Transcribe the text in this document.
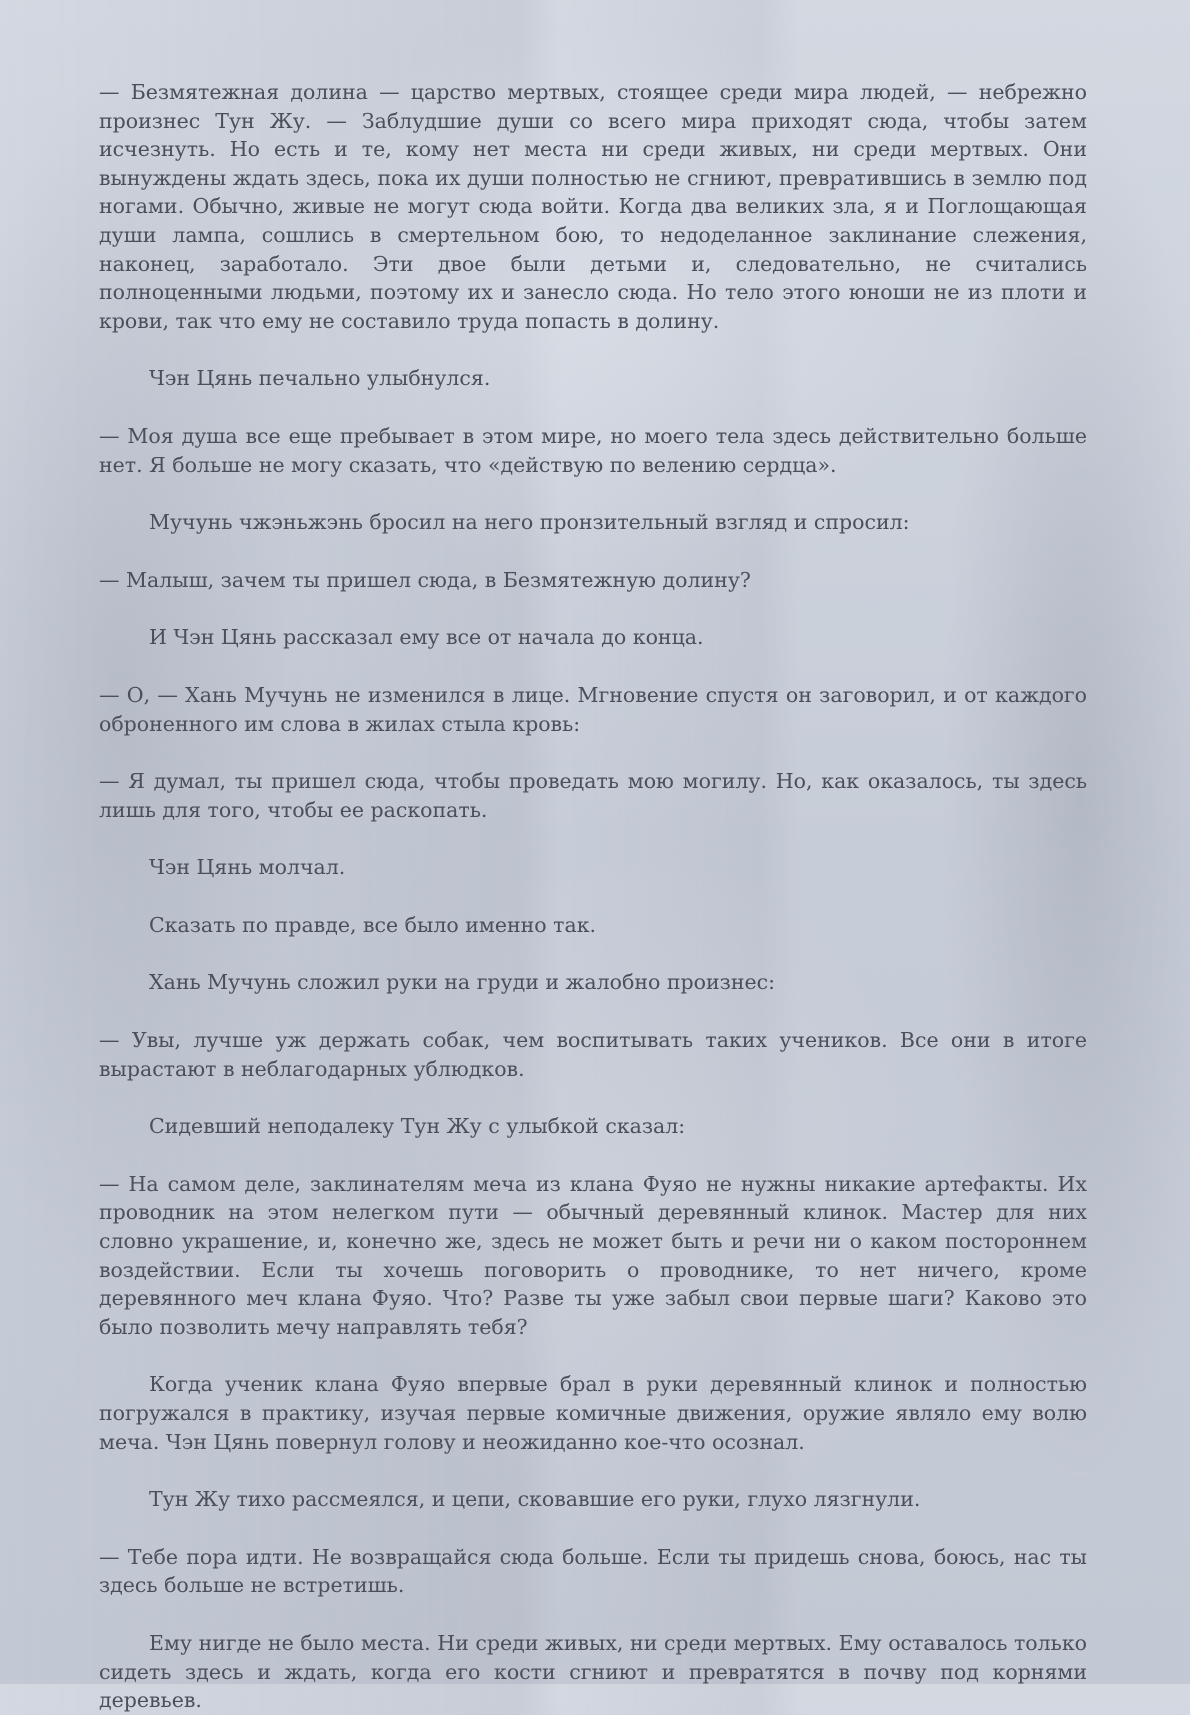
— Безмятежная долина — царство мертвых, стоящее среди мира людей, — небрежно произнес Тун Жу. — Заблудшие души со всего мира приходят сюда, чтобы затем исчезнуть. Но есть и те, кому нет места ни среди живых, ни среди мертвых. Они вынуждены ждать здесь, пока их души полностью не сгниют, превратившись в землю под ногами. Обычно, живые не могут сюда войти. Когда два великих зла, я и Поглощающая души лампа, сошлись в смертельном бою, то недоделанное заклинание слежения, наконец, заработало. Эти двое были детьми и, следовательно, не считались полноценными людьми, поэтому их и занесло сюда. Но тело этого юноши не из плоти и крови, так что ему не составило труда попасть в долину.

Чэн Цянь печально улыбнулся.

— Моя душа все еще пребывает в этом мире, но моего тела здесь действительно больше нет. Я больше не могу сказать, что «действую по велению сердца».

Мучунь чжэньжэнь бросил на него пронзительный взгляд и спросил:

— Малыш, зачем ты пришел сюда, в Безмятежную долину?

И Чэн Цянь рассказал ему все от начала до конца.

— О, — Хань Мучунь не изменился в лице. Мгновение спустя он заговорил, и от каждого оброненного им слова в жилах стыла кровь:

— Я думал, ты пришел сюда, чтобы проведать мою могилу. Но, как оказалось, ты здесь лишь для того, чтобы ее раскопать.

Чэн Цянь молчал.

Сказать по правде, все было именно так.

Хань Мучунь сложил руки на груди и жалобно произнес:

— Увы, лучше уж держать собак, чем воспитывать таких учеников. Все они в итоге вырастают в неблагодарных ублюдков.

Сидевший неподалеку Тун Жу с улыбкой сказал:

— На самом деле, заклинателям меча из клана Фуяо не нужны никакие артефакты. Их проводник на этом нелегком пути — обычный деревянный клинок. Мастер для них словно украшение, и, конечно же, здесь не может быть и речи ни о каком постороннем воздействии. Если ты хочешь поговорить о проводнике, то нет ничего, кроме деревянного меч клана Фуяо. Что? Разве ты уже забыл свои первые шаги? Каково это было позволить мечу направлять тебя?

Когда ученик клана Фуяо впервые брал в руки деревянный клинок и полностью погружался в практику, изучая первые комичные движения, оружие являло ему волю меча. Чэн Цянь повернул голову и неожиданно кое-что осознал.

Тун Жу тихо рассмеялся, и цепи, сковавшие его руки, глухо лязгнули.

— Тебе пора идти. Не возвращайся сюда больше. Если ты придешь снова, боюсь, нас ты здесь больше не встретишь.

Ему нигде не было места. Ни среди живых, ни среди мертвых. Ему оставалось только сидеть здесь и ждать, когда его кости сгниют и превратятся в почву под корнями деревьев.
